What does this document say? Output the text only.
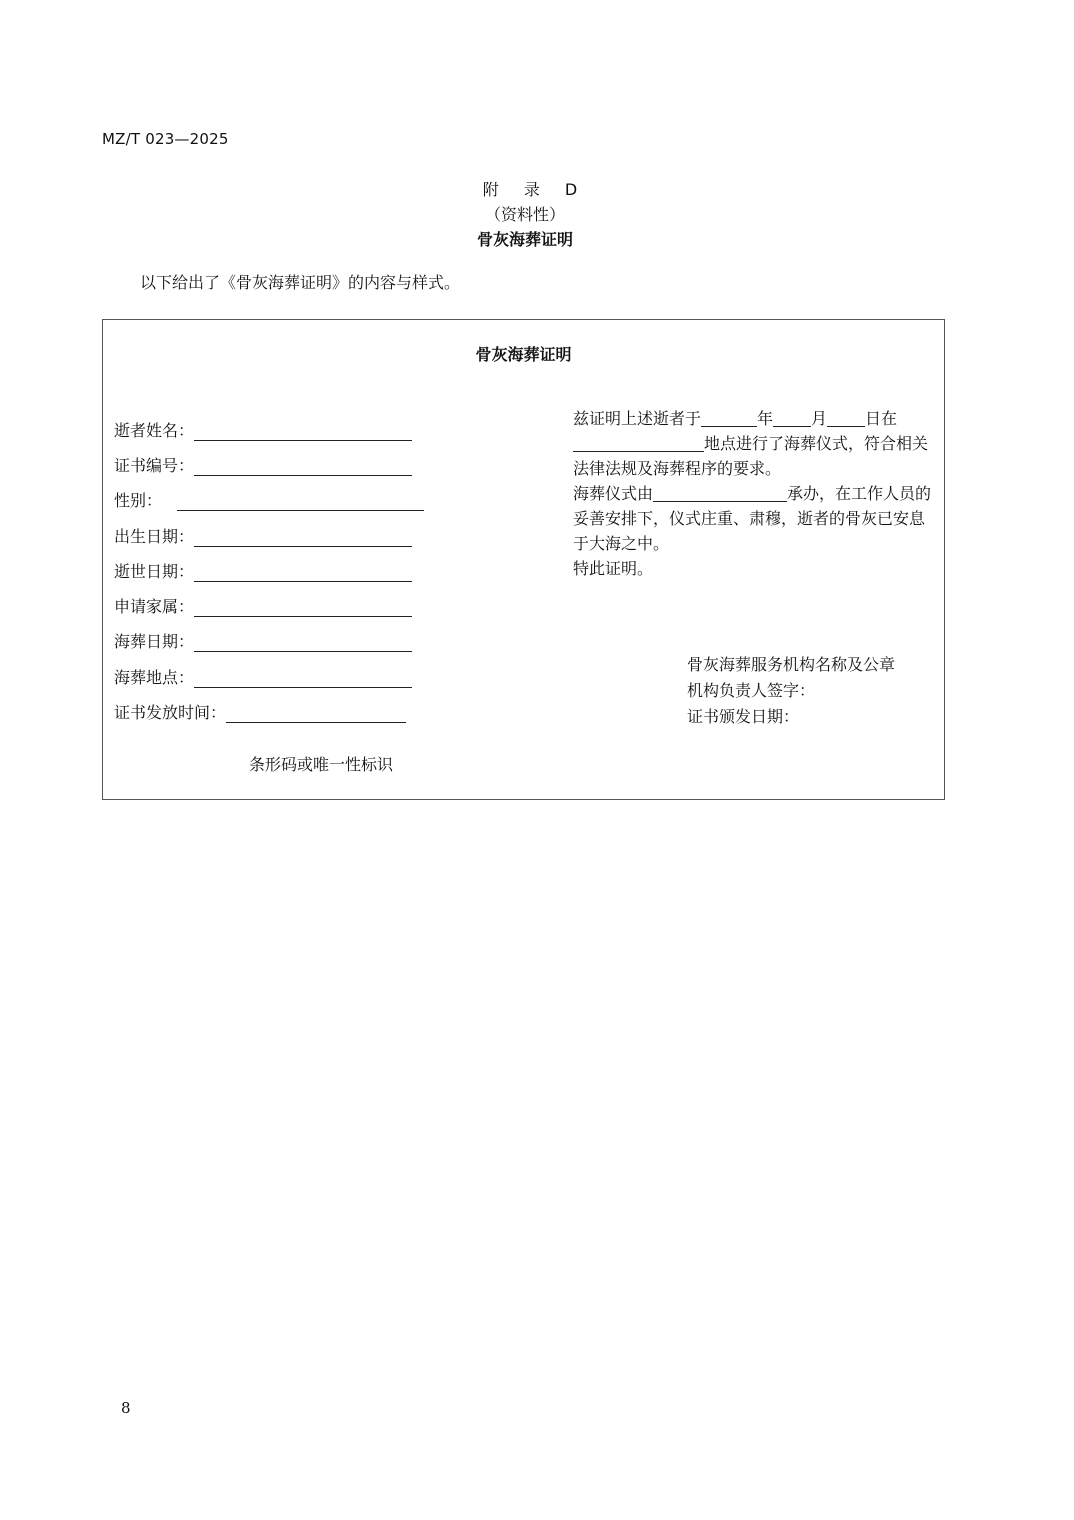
MZ/T 023—2025
附 录 D
（资料性）
骨灰海葬证明
以下给出了《骨灰海葬证明》的内容与样式。
骨灰海葬证明
逝者姓名：
证书编号：
性别：
出生日期：
逝世日期：
申请家属：
海葬日期：
海葬地点：
证书发放时间：
条形码或唯一性标识

兹证明上述逝者于	年 月 日在
地点进行了海葬仪式，符合相关法律法规及海葬程序的要求。

海葬仪式由	承办，在工作人员的妥善安排下，仪式庄重、肃穆，逝者的骨灰已安息于大海之中。

特此证明。

骨灰海葬服务机构名称及公章
机构负责人签字：
证书颁发日期：
8
